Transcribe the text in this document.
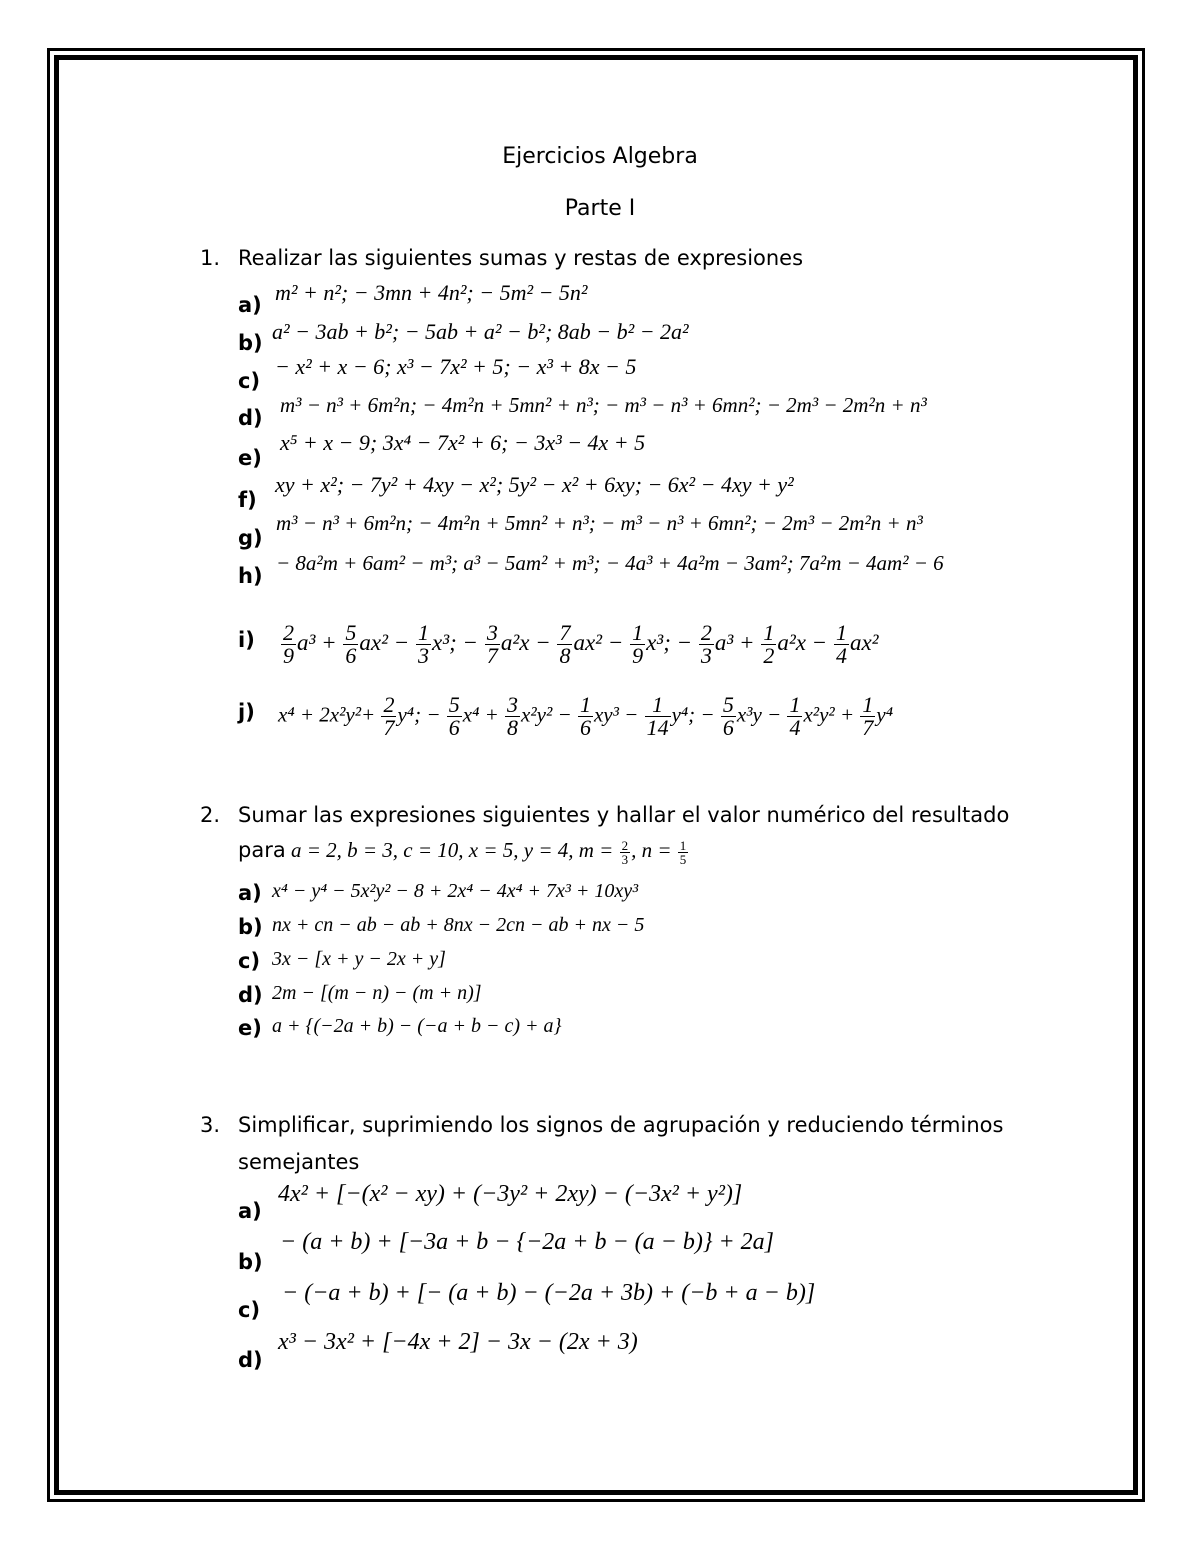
Ejercicios Algebra
Parte I
1. Realizar las siguientes sumas y restas de expresiones
a) m² + n²; − 3mn + 4n²; − 5m² − 5n²
b) a² − 3ab + b²; − 5ab + a² − b²; 8ab − b² − 2a²
c)
− x² + x − 6; x³ − 7x² + 5; − x³ + 8x − 5
d)
m³ − n³ + 6m²n; − 4m²n + 5mn² + n³; − m³ − n³ + 6mn²; − 2m³ − 2m²n + n³
e)
x⁵ + x − 9; 3x⁴ − 7x² + 6; − 3x³ − 4x + 5
f)
xy + x²; − 7y² + 4xy − x²; 5y² − x² + 6xy; − 6x² − 4xy + y²
g)
m³ − n³ + 6m²n; − 4m²n + 5mn² + n³; − m³ − n³ + 6mn²; − 2m³ − 2m²n + n³
h)
− 8a²m + 6am² − m³; a³ − 5am² + m³; − 4a³ + 4a²m − 3am²; 7a²m − 4am² − 6
$i) \frac{2}{9} a^3 + \frac{5}{6} ax^2 - \frac{1}{3} x^3$; − $\frac{3}{7} a^2x - \frac{7}{8} ax^2 - \frac{1}{9} x^3$; − $\frac{2}{3} a^3 + \frac{1}{2} a^2x - \frac{1}{4} ax^2$
j) $x^4 + 2x^2y^2+ \frac{2}{7} y^4$; − $\frac{5}{6} x^4 + \frac{3}{8} x^2y^2 - \frac{1}{6} xy^3 - \frac{1}{14} y^4$; − $\frac{5}{6} x^3y - \frac{1}{4} x^2y^2 + \frac{1}{7} y^4$
2. Sumar las expresiones siguientes y hallar el valor numérico del resultado
para a = 2, b = 3, c = 10, x = 5, y = 4, $m = \frac{2}{3}$ , $n = \frac{1}{5}$
a) x⁴ − y⁴ − 5x²y² − 8 + 2x⁴ − 4x⁴ + 7x³ + 10xy³
b) nx + cn − ab − ab + 8nx − 2cn − ab + nx − 5
c) 3x − [x + y − 2x + y]
d) 2m − [(m − n) − (m + n)]
e) a + {(−2a + b) − (−a + b − c) + a}
3. Simplificar, suprimiendo los signos de agrupación y reduciendo términos
semejantes
a)
4x² + [−(x² − xy) + (−3y² + 2xy) − (−3x² + y²)]
b)
− (a + b) + [−3a + b − {−2a + b − (a − b)} + 2a]
c)
− (−a + b) + [− (a + b) − (−2a + 3b) + (−b + a − b)]
d)
x³ − 3x² + [−4x + 2] − 3x − (2x + 3)
